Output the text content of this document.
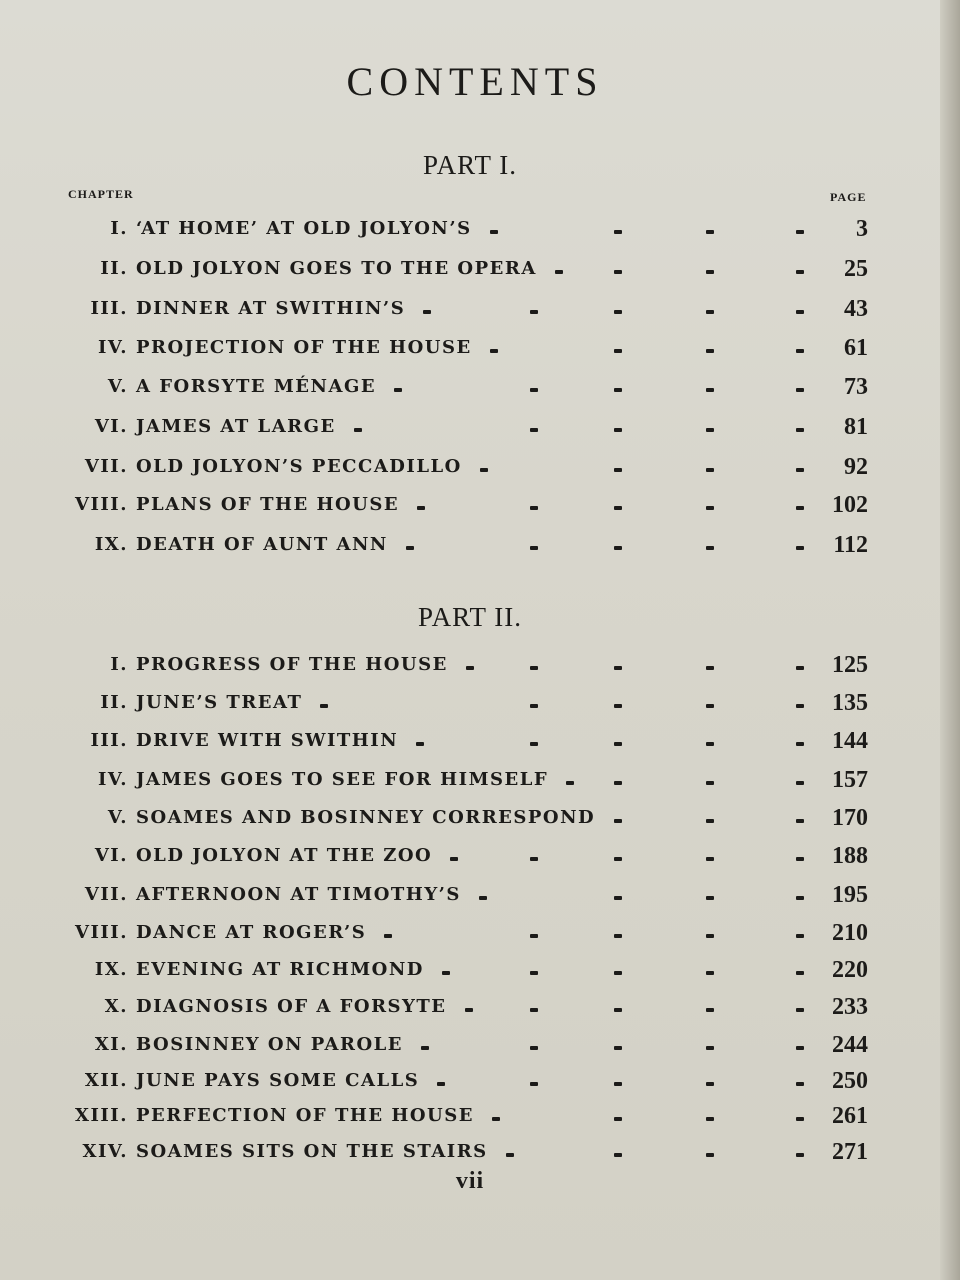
CONTENTS
PART I.
CHAPTER	PAGE
I. ‘AT HOME’ AT OLD JOLYON’S	3
II. OLD JOLYON GOES TO THE OPERA	25
III. DINNER AT SWITHIN’S	43
IV. PROJECTION OF THE HOUSE	61
V. A FORSYTE MÉNAGE	73
VI. JAMES AT LARGE	81
VII. OLD JOLYON’S PECCADILLO	92
VIII. PLANS OF THE HOUSE	102
IX. DEATH OF AUNT ANN	112
PART II.
I. PROGRESS OF THE HOUSE	125
II. JUNE’S TREAT	135
III. DRIVE WITH SWITHIN	144
IV. JAMES GOES TO SEE FOR HIMSELF	157
V. SOAMES AND BOSINNEY CORRESPOND	170
VI. OLD JOLYON AT THE ZOO	188
VII. AFTERNOON AT TIMOTHY’S	195
VIII. DANCE AT ROGER’S	210
IX. EVENING AT RICHMOND	220
X. DIAGNOSIS OF A FORSYTE	233
XI. BOSINNEY ON PAROLE	244
XII. JUNE PAYS SOME CALLS	250
XIII. PERFECTION OF THE HOUSE	261
XIV. SOAMES SITS ON THE STAIRS	271
vii
